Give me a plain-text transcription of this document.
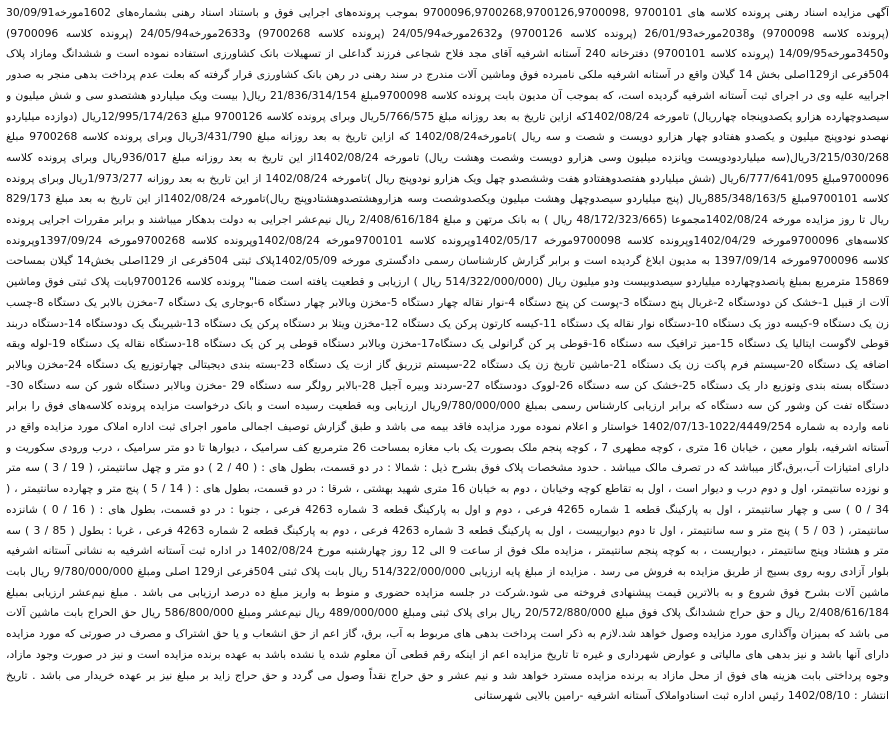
آگهی مزایده اسناد رهنی پرونده کلاسه های 9700101 ,9700096,9700268,9700126,9700098 بموجب پرونده‌های اجرایی فوق و باستناد اسناد رهنی بشماره‌های 1602مورخه‌30/09/91 (پرونده کلاسه 9700098) و2038مورخه‌26/01/93 (پرونده کلاسه 9700126) و2632مورخه‌24/05/94 (پرونده کلاسه 9700268) و2633مورخه‌24/05/94 (پرونده کلاسه 9700096) و3450مورخه‌14/09/95 (پرونده کلاسه 9700101) دفترخانه 240 آستانه اشرفیه آقای مجد فلاح شجاعی فرزند گداعلی از تسهیلات بانک کشاورزی استفاده نموده است و ششدانگ ومازاد پلاک 504فرعی از129اصلی بخش 14 گیلان واقع در آستانه اشرفیه ملکی نامبرده فوق وماشین آلات مندرج در سند رهنی در رهن بانک کشاورزی قرار گرفته که بعلت عدم پرداخت بدهی منجر به صدور اجراییه علیه وی در اجرای ثبت آستانه اشرفیه گردیده است، که بموجب آن مدیون بابت پرونده کلاسه 9700098مبلغ 21/836/314/154 ریال( بیست ویک میلیاردو هشتصدو سی و شش میلیون و سیصدوچهارده هزارو یکصدوپنجاه چهارریال) تامورخه 1402/08/24که ازاین تاریخ به بعد روزانه مبلغ 5/766/575ریال وبرای پرونده کلاسه 9700126 مبلغ 12/995/174/263ریال (دوازده میلیاردو نهصدو نودوپنج میلیون و یکصدو هفتادو چهار هزارو دویست و شصت و سه ریال )تامورخه1402/08/24 که ازاین تاریخ به بعد روزانه مبلغ 3/431/790ریال وبرای پرونده کلاسه 9700268 مبلغ 3/215/030/268ریال(سه میلیاردودویست وپانزده میلیون وسی هزارو دویست وشصت وهشت ریال) تامورخه 1402/08/24از این تاریخ به بعد روزانه مبلغ 936/017ریال وبرای پرونده کلاسه 9700096مبلغ 6/777/641/095ریال (شش میلیاردو هفتصدوهفتادو هفت وششصدو چهل ویک هزارو نودوپنج ریال )تامورخه 1402/08/24 از این تاریخ به بعد روزانه 1/973/277ریال وبرای پرونده کلاسه 9700101مبلغ 885/348/163/5ریال (پنج میلیاردو سیصدوچهل وهشت میلیون ویکصدوشصت وسه هزاروهشتصدوهشتادوپنج ریال)تامورخه 1402/08/24از این تاریخ به بعد مبلغ 829/173 ریال تا روز مزایده مورخه 1402/08/24مجموعا (48/172/323/665 ریال ) به بانک مرتهن و مبلغ 2/408/616/184 ریال نیم‌عشر اجرایی به دولت بدهکار میباشند و برابر مقررات اجرایی پرونده کلاسه‌های 9700096مورخه 1402/04/29وپرونده کلاسه 9700098مورخه 1402/05/17وپرونده کلاسه 9700101مورخه 1402/08/24وپرونده کلاسه 9700268مورخه 1397/09/24وپرونده کلاسه 9700096مورخه 1397/09/14 به مدیون ابلاغ گردیده است و برابر گزارش کارشناسان رسمی دادگستری مورخه 1402/05/09پلاک ثبتی 504فرعی از 129اصلی بخش14 گیلان بمساحت 15869 مترمربع بمبلغ پانصدوچهارده میلیاردو سیصدوبیست ودو میلیون ریال (514/322/000/000 ریال ) ارزیابی و قطعیت یافته است ضمنا" پرونده کلاسه 9700126بابت پلاک ثبتی فوق وماشین آلات از قبیل 1-خشک کن دودستگاه 2-غربال پنج دستگاه 3-پوست کن پنج دستگاه 4-نوار نقاله چهار دستگاه 5-مخزن وبالابر چهار دستگاه 6-بوجاری یک دستگاه 7-مخزن بالابر یک دستگاه 8-چسب زن یک دستگاه 9-کیسه دوز یک دستگاه 10-دستگاه نوار نقاله یک دستگاه 11-کیسه کارتون پرکن یک دستگاه 12-مخزن ویتلا بر دستگاه پرکن یک دستگاه 13-شیرینگ یک دودستگاه 14-دستگاه دربند قوطی لاگوست ایتالیا یک دستگاه 15-میز ترافیک سه دستگاه 16-قوطی پر کن گرانولی یک دستگاه17-مخزن وبالابر دستگاه قوطی پر کن یک دستگاه 18-دستگاه نقاله یک دستگاه 19-لوله وبقه اضافه یک دستگاه 20-سیستم فرم پاکت زن یک دستگاه 21-ماشین تاریخ زن یک دستگاه 22-سیستم تزریق گاز ازت یک دستگاه 23-بسته بندی دیجیتالی چهارتوزیع یک دستگاه 24-مخزن وبالابر دستگاه بسته بندی وتوزیع دار یک دستگاه 25-خشک کن سه دستگاه 26-لووک دودستگاه 27-سردند وبیره آجیل 28-بالابر رولگر سه دستگاه 29 -مخزن وبالابر دستگاه شور کن سه دستگاه 30-دستگاه تفت کن وشور کن سه دستگاه که برابر ارزیابی کارشناس رسمی بمبلغ 9/780/000/000ریال ارزیابی وبه قطعیت رسیده است و بانک درخواست مزایده پرونده کلاسه‌های فوق را برابر نامه وارده به شماره 1022/4449/254-1402/07/13 خواستار و اعلام نموده مورد مزایده فاقد بیمه می باشد و طبق گزارش توصیف اجمالی مامور اجرای ثبت اداره املاک مورد مزایده واقع در آستانه اشرفیه، بلوار معین ، خیابان 16 متری ، کوچه مطهری 7 ، کوچه پنجم ملک بصورت یک باب مغازه بمساحت 26 مترمربع کف سرامیک ، دیوارها تا دو متر سرامیک ، درب ورودی سکوریت و دارای امتیازات آب،برق،گاز میباشد که در تصرف مالک میباشد . حدود مشخصات پلاک فوق بشرح ذیل : شمالا : در دو قسمت، بطول های : ( 40 / 2 ) دو متر و چهل سانتیمتر، ( 19 / 3 ) سه متر و نوزده سانتیمتر، اول و دوم درب و دیوار است ، اول به تقاطع کوچه وخیابان ، دوم به خیابان 16 متری شهید بهشتی ، شرقا : در دو قسمت، بطول های : ( 14 / 5 ) پنج متر و چهارده سانتیمتر ، ( 34 / 0 ) سی و چهار سانتیمتر ، اول به پارکینگ قطعه 1 شماره 4265 فرعی ، دوم و اول به پارکینگ قطعه 3 شماره 4263 فرعی ، جنوبا : در دو قسمت، بطول های : ( 16 / 0 ) شانزده سانتیمتر، ( 03 / 5 ) پنج متر و سه سانتیمتر ، اول تا دوم دیوارییست ، اول به پارکینگ قطعه 3 شماره 4263 فرعی ، دوم به پارکینگ قطعه 2 شماره 4263 فرعی ، غربا : بطول ( 85 / 3 ) سه متر و هشتاد وپنج سانتیمتر ، دیواریست ، به کوچه پنجم سانتیمتر ، مزایده ملک فوق از ساعت 9 الی 12 روز چهارشنبه مورخ 1402/08/24 در اداره ثبت آستانه اشرفیه به نشانی آستانه اشرفیه بلوار آزادی روبه روی بسیج از طریق مزایده به فروش می رسد . مزایده از مبلغ پایه ارزیابی 514/322/000/000 ریال بابت پلاک ثبتی 504فرعی از129 اصلی ومبلغ 9/780/000/000 ریال بابت ماشین آلات بشرح فوق شروع و به بالاترین قیمت پیشنهادی فروخته می شود.شرکت در جلسه مزایده حضوری و منوط به واریز مبلغ ده درصد ارزیابی می باشد . مبلغ نیم‌عشر ارزیابی بمبلغ 2/408/616/184 ریال و حق حراج ششدانگ پلاک فوق مبلغ 20/572/880/000 ریال برای پلاک ثبتی ومبلغ 489/000/000 ریال نیم‌عشر ومبلغ 586/800/000 ریال حق الحراج بابت ماشین آلات می باشد که بمیزان وآگذاری مورد مزایده وصول خواهد شد.لازم به ذکر است پرداخت بدهی های مربوط به آب، برق، گاز اعم از حق انشعاب و یا حق اشتراک و مصرف در صورتی که مورد مزایده دارای آنها باشد و نیز بدهی های مالیاتی و عوارض شهرداری و غیره تا تاریخ مزایده اعم از اینکه رقم قطعی آن معلوم شده یا نشده باشد به عهده برنده مزایده است و نیز در صورت وجود مازاد، وجوه پرداختی بابت هزینه های فوق از محل مازاد به برنده مزایده مسترد خواهد شد و نیم عشر و حق حراج نقداً وصول می گردد و حق حراج زاید بر مبلغ نیز بر عهده خریدار می باشد . تاریخ انتشار : 1402/08/10 رئیس اداره ثبت اسنادواملاک آستانه اشرفیه -رامین بالایی شهرستانی
